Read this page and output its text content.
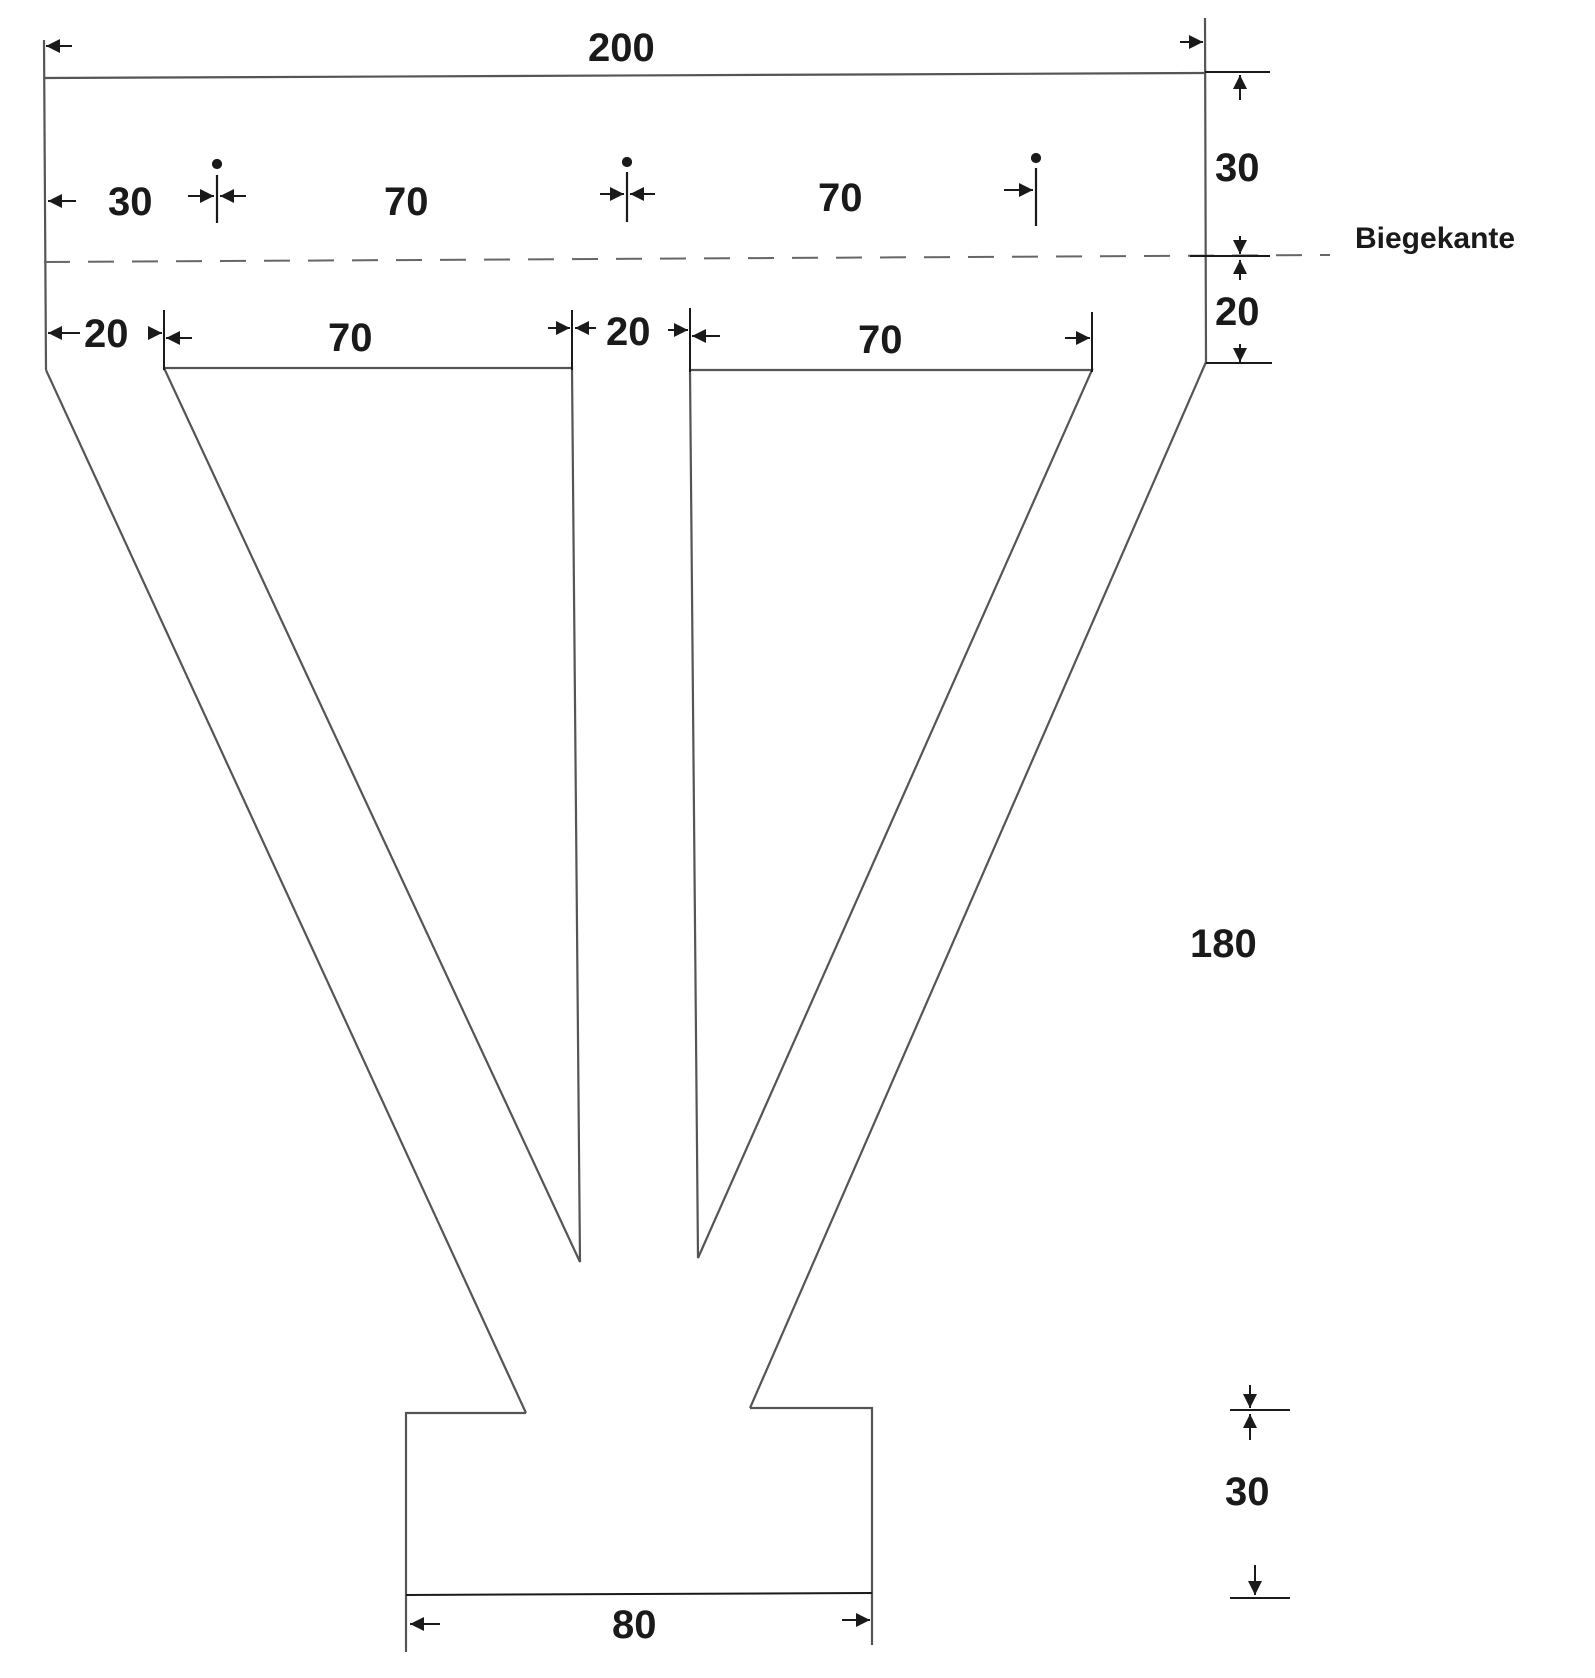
200
30	70	70
30
Biegekante
20
20	70	20	70
180
30
80
